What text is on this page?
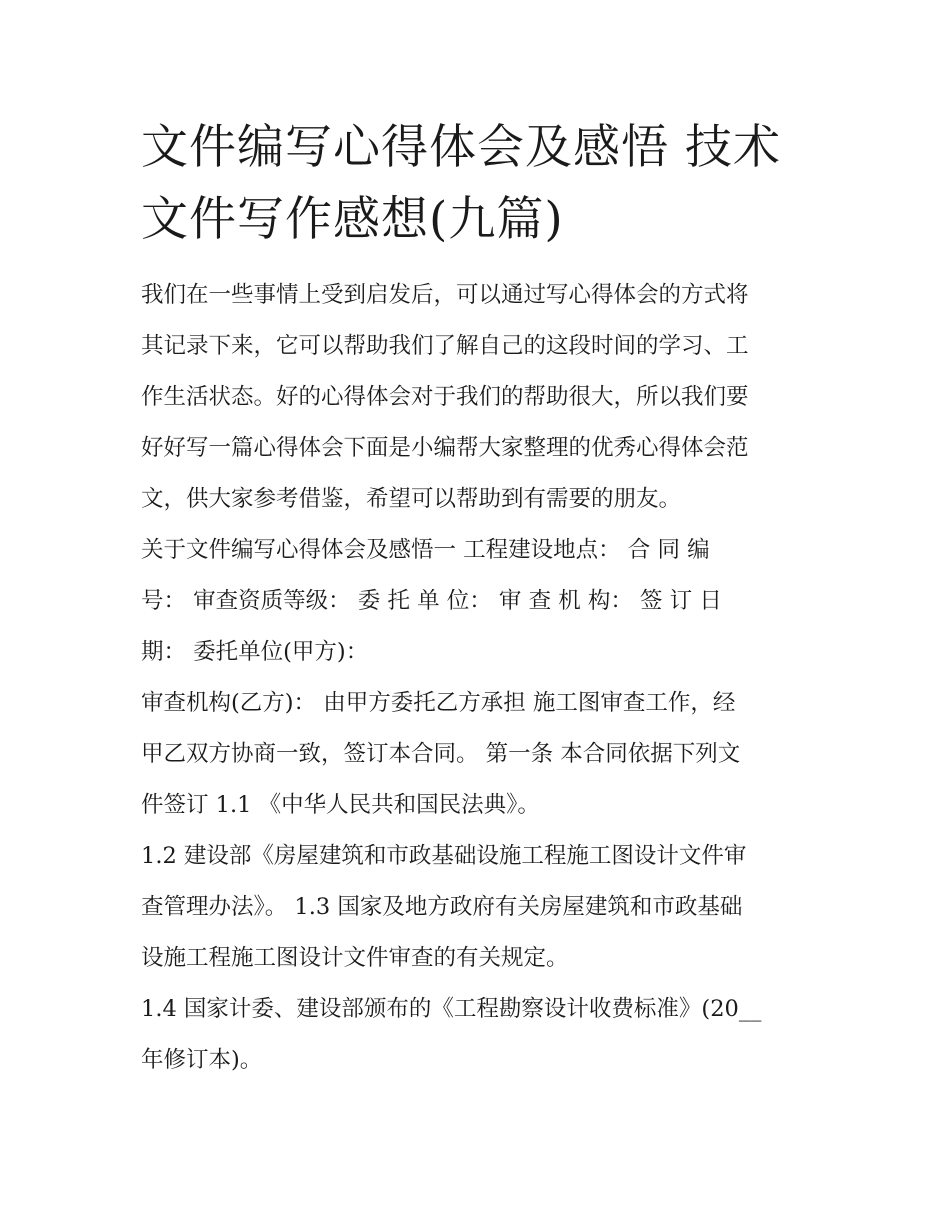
文件编写心得体会及感悟 技术
文件写作感想(九篇)

我们在一些事情上受到启发后，可以通过写心得体会的方式将
其记录下来，它可以帮助我们了解自己的这段时间的学习、工
作生活状态。好的心得体会对于我们的帮助很大，所以我们要
好好写一篇心得体会下面是小编帮大家整理的优秀心得体会范
文，供大家参考借鉴，希望可以帮助到有需要的朋友。

关于文件编写心得体会及感悟一 工程建设地点： 合 同 编
号： 审查资质等级： 委 托 单 位： 审 查 机 构： 签 订 日
期： 委托单位(甲方)：

审查机构(乙方)： 由甲方委托乙方承担 施工图审查工作，经
甲乙双方协商一致，签订本合同。 第一条 本合同依据下列文
件签订 1.1 《中华人民共和国民法典》。

1.2 建设部《房屋建筑和市政基础设施工程施工图设计文件审
查管理办法》。 1.3 国家及地方政府有关房屋建筑和市政基础
设施工程施工图设计文件审查的有关规定。

1.4 国家计委、建设部颁布的《工程勘察设计收费标准》(20__
年修订本)。
